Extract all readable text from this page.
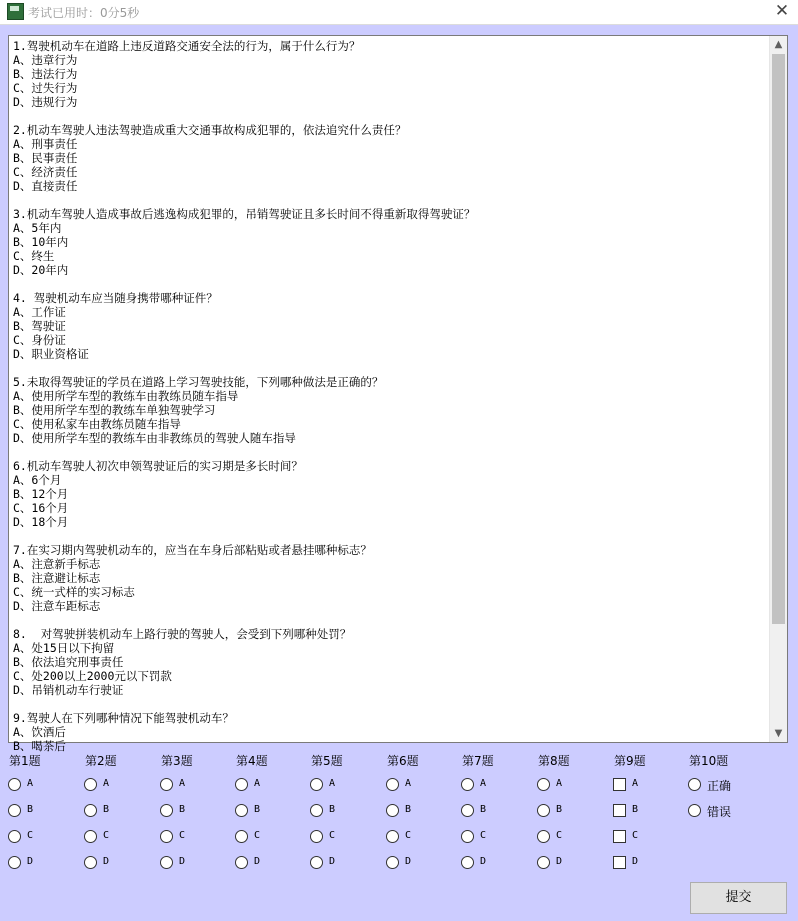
考试已用时：0分5秒	✕
1.驾驶机动车在道路上违反道路交通安全法的行为，属于什么行为？
A、违章行为
B、违法行为
C、过失行为
D、违规行为
2.机动车驾驶人违法驾驶造成重大交通事故构成犯罪的，依法追究什么责任？
A、刑事责任
B、民事责任
C、经济责任
D、直接责任
3.机动车驾驶人造成事故后逃逸构成犯罪的，吊销驾驶证且多长时间不得重新取得驾驶证？
A、5年内
B、10年内
C、终生
D、20年内
4. 驾驶机动车应当随身携带哪种证件？
A、工作证
B、驾驶证
C、身份证
D、职业资格证
5.未取得驾驶证的学员在道路上学习驾驶技能，下列哪种做法是正确的？
A、使用所学车型的教练车由教练员随车指导
B、使用所学车型的教练车单独驾驶学习
C、使用私家车由教练员随车指导
D、使用所学车型的教练车由非教练员的驾驶人随车指导
6.机动车驾驶人初次申领驾驶证后的实习期是多长时间？
A、6个月
B、12个月
C、16个月
D、18个月
7.在实习期内驾驶机动车的，应当在车身后部粘贴或者悬挂哪种标志？
A、注意新手标志
B、注意避让标志
C、统一式样的实习标志
D、注意车距标志
8.  对驾驶拼装机动车上路行驶的驾驶人，会受到下列哪种处罚？
A、处15日以下拘留
B、依法追究刑事责任
C、处200以上2000元以下罚款
D、吊销机动车行驶证
9.驾驶人在下列哪种情况下能驾驶机动车？
A、饮酒后
B、喝茶后
▲
▼
第1题
A
B
C
D
第2题
A
B
C
D
第3题
A
B
C
D
第4题
A
B
C
D
第5题
A
B
C
D
第6题
A
B
C
D
第7题
A
B
C
D
第8题
A
B
C
D
第9题
A
B
C
D
第10题
正确
错误
提交
